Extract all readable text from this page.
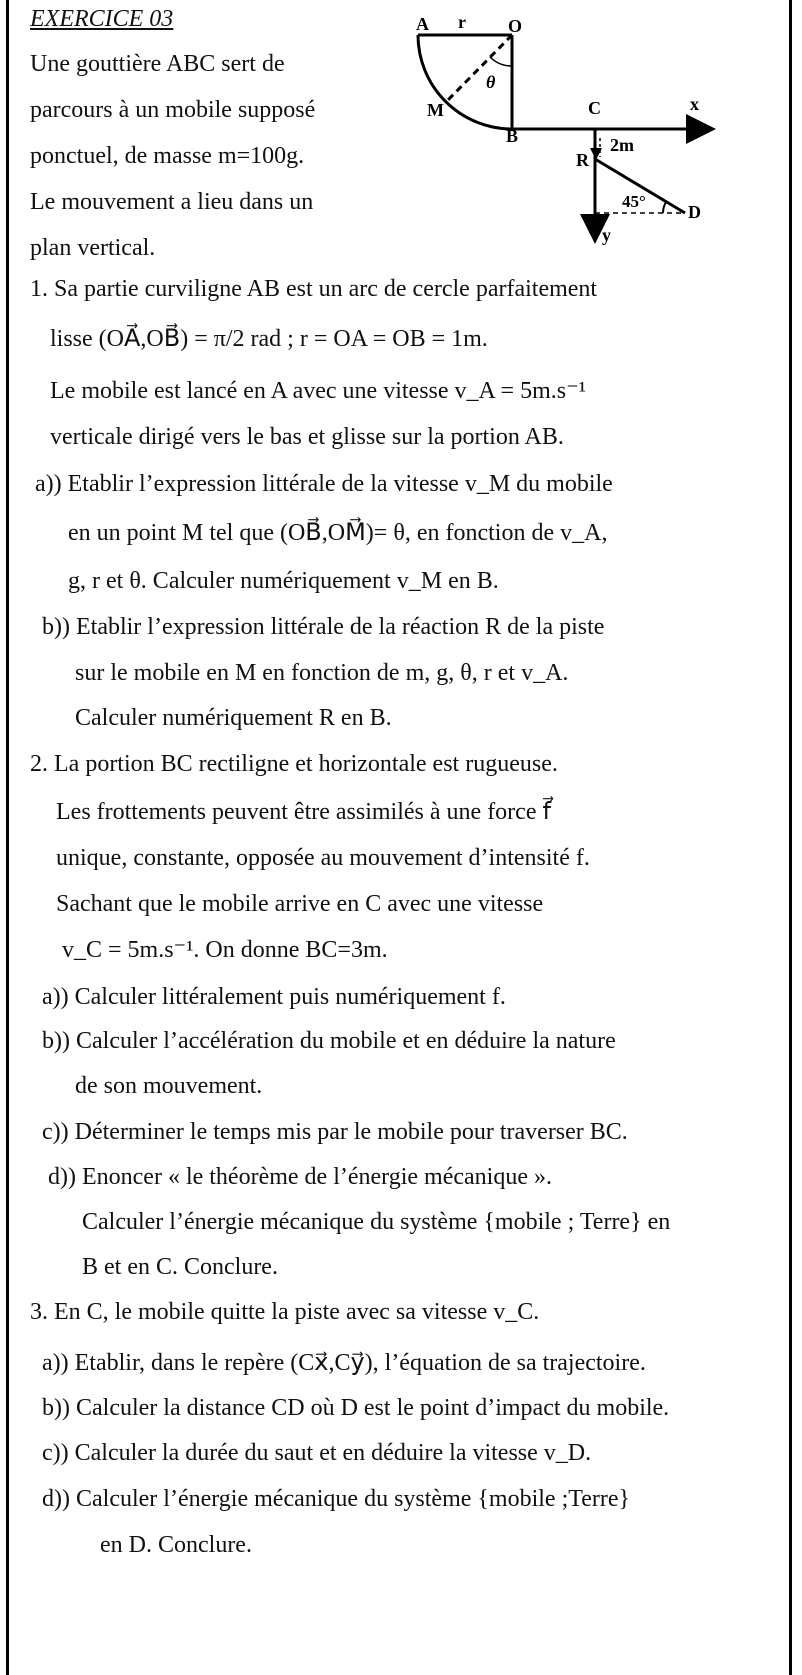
EXERCICE 03
Une gouttière ABC sert de
parcours à un mobile supposé
ponctuel, de masse m=100g.
Le mouvement a lieu dans un
plan vertical.
A r O
θ
M
B
C	x
R
2m
45°
D
y
1. Sa partie curviligne AB est un arc de cercle parfaitement
lisse (OA⃗,OB⃗) = π/2 rad ; r = OA = OB = 1m.
Le mobile est lancé en A avec une vitesse v_A = 5m.s⁻¹
verticale dirigé vers le bas et glisse sur la portion AB.
a)) Etablir l’expression littérale de la vitesse v_M du mobile
en un point M tel que (OB⃗,OM⃗)= θ, en fonction de v_A,
g, r et θ. Calculer numériquement v_M en B.
b)) Etablir l’expression littérale de la réaction R de la piste
sur le mobile en M en fonction de m, g, θ, r et v_A.
Calculer numériquement R en B.
2. La portion BC rectiligne et horizontale est rugueuse.
Les frottements peuvent être assimilés à une force f⃗
unique, constante, opposée au mouvement d’intensité f.
Sachant que le mobile arrive en C avec une vitesse
v_C = 5m.s⁻¹. On donne BC=3m.
a)) Calculer littéralement puis numériquement f.
b)) Calculer l’accélération du mobile et en déduire la nature
de son mouvement.
c)) Déterminer le temps mis par le mobile pour traverser BC.
d)) Enoncer « le théorème de l’énergie mécanique ».
Calculer l’énergie mécanique du système {mobile ; Terre} en
B et en C. Conclure.
3. En C, le mobile quitte la piste avec sa vitesse v_C.
a)) Etablir, dans le repère (Cx⃗,Cy⃗), l’équation de sa trajectoire.
b)) Calculer la distance CD où D est le point d’impact du mobile.
c)) Calculer la durée du saut et en déduire la vitesse v_D.
d)) Calculer l’énergie mécanique du système {mobile ;Terre}
en D. Conclure.
